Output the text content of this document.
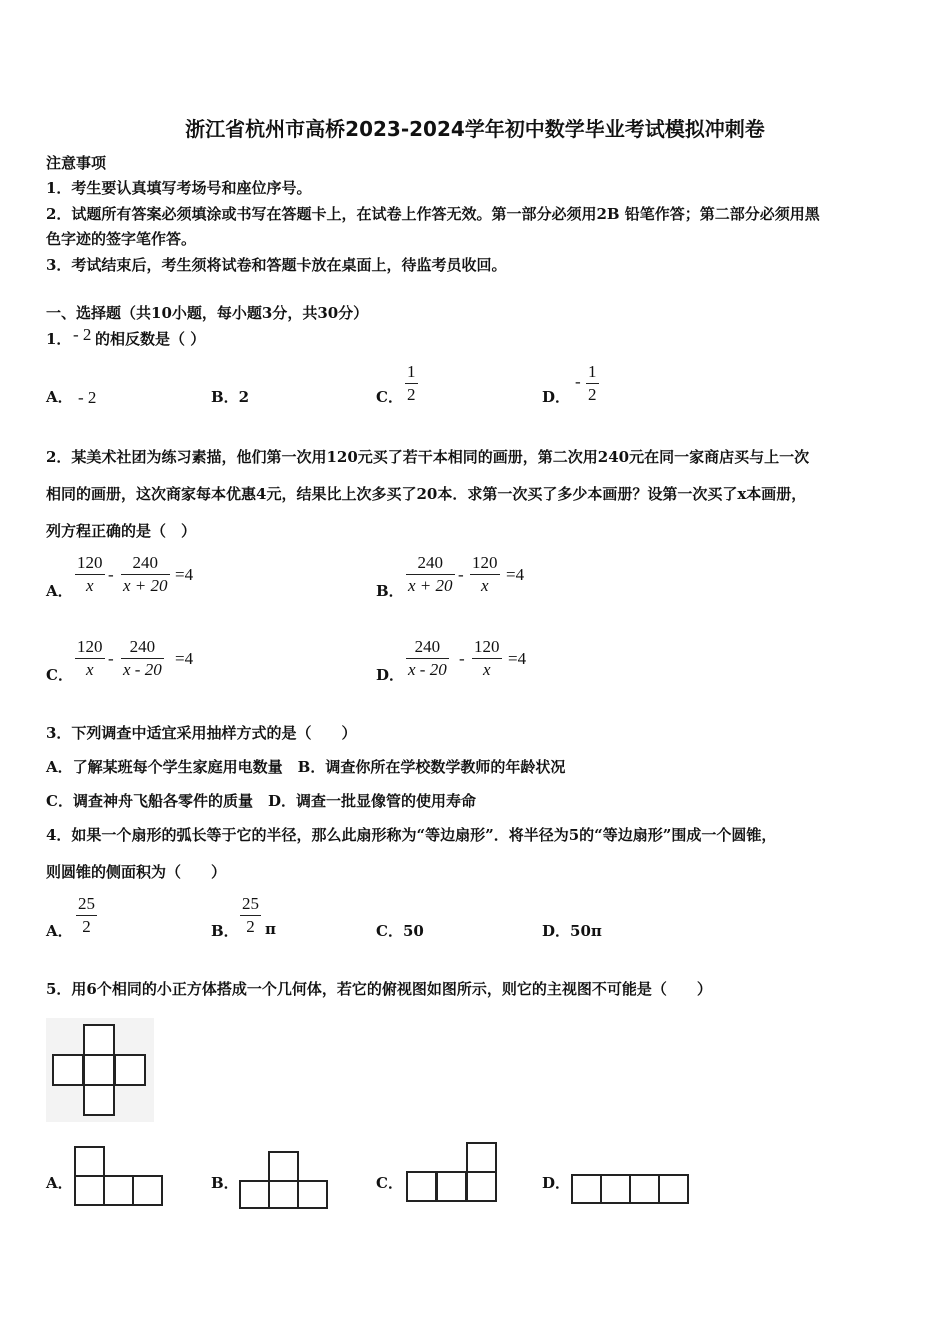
浙江省杭州市高桥2023-2024学年初中数学毕业考试模拟冲刺卷
注意事项
1．考生要认真填写考场号和座位序号。
2．试题所有答案必须填涂或书写在答题卡上，在试卷上作答无效。第一部分必须用2B 铅笔作答；第二部分必须用黑
色字迹的签字笔作答。
3．考试结束后，考生须将试卷和答题卡放在桌面上，待监考员收回。
一、选择题（共10小题，每小题3分，共30分）
1． - 2 的相反数是（ ）
A． - 2	B．2	C．
1
2	D．
-
1
2
2．某美术社团为练习素描，他们第一次用120元买了若干本相同的画册，第二次用240元在同一家商店买与上一次
相同的画册，这次商家每本优惠4元，结果比上次多买了20本．求第一次买了多少本画册？设第一次买了x本画册，
列方程正确的是（　）
A．
120
x
-
240
x + 20
=4
B．
240
x + 20
-
120
x
=4
C．
120
x
-
240
x - 20
=4
D．
240
x - 20
-
120
x
=4
3．下列调查中适宜采用抽样方式的是（　　）
A．了解某班每个学生家庭用电数量　B．调查你所在学校数学教师的年龄状况
C．调查神舟飞船各零件的质量　D．调查一批显像管的使用寿命
4．如果一个扇形的弧长等于它的半径，那么此扇形称为“等边扇形”．将半径为5的“等边扇形”围成一个圆锥，
则圆锥的侧面积为（　　）
A．
25
2	B．
25
2 π	C．50	D．50π
5．用6个相同的小正方体搭成一个几何体，若它的俯视图如图所示，则它的主视图不可能是（　　）
A．	B．	C．	D．
